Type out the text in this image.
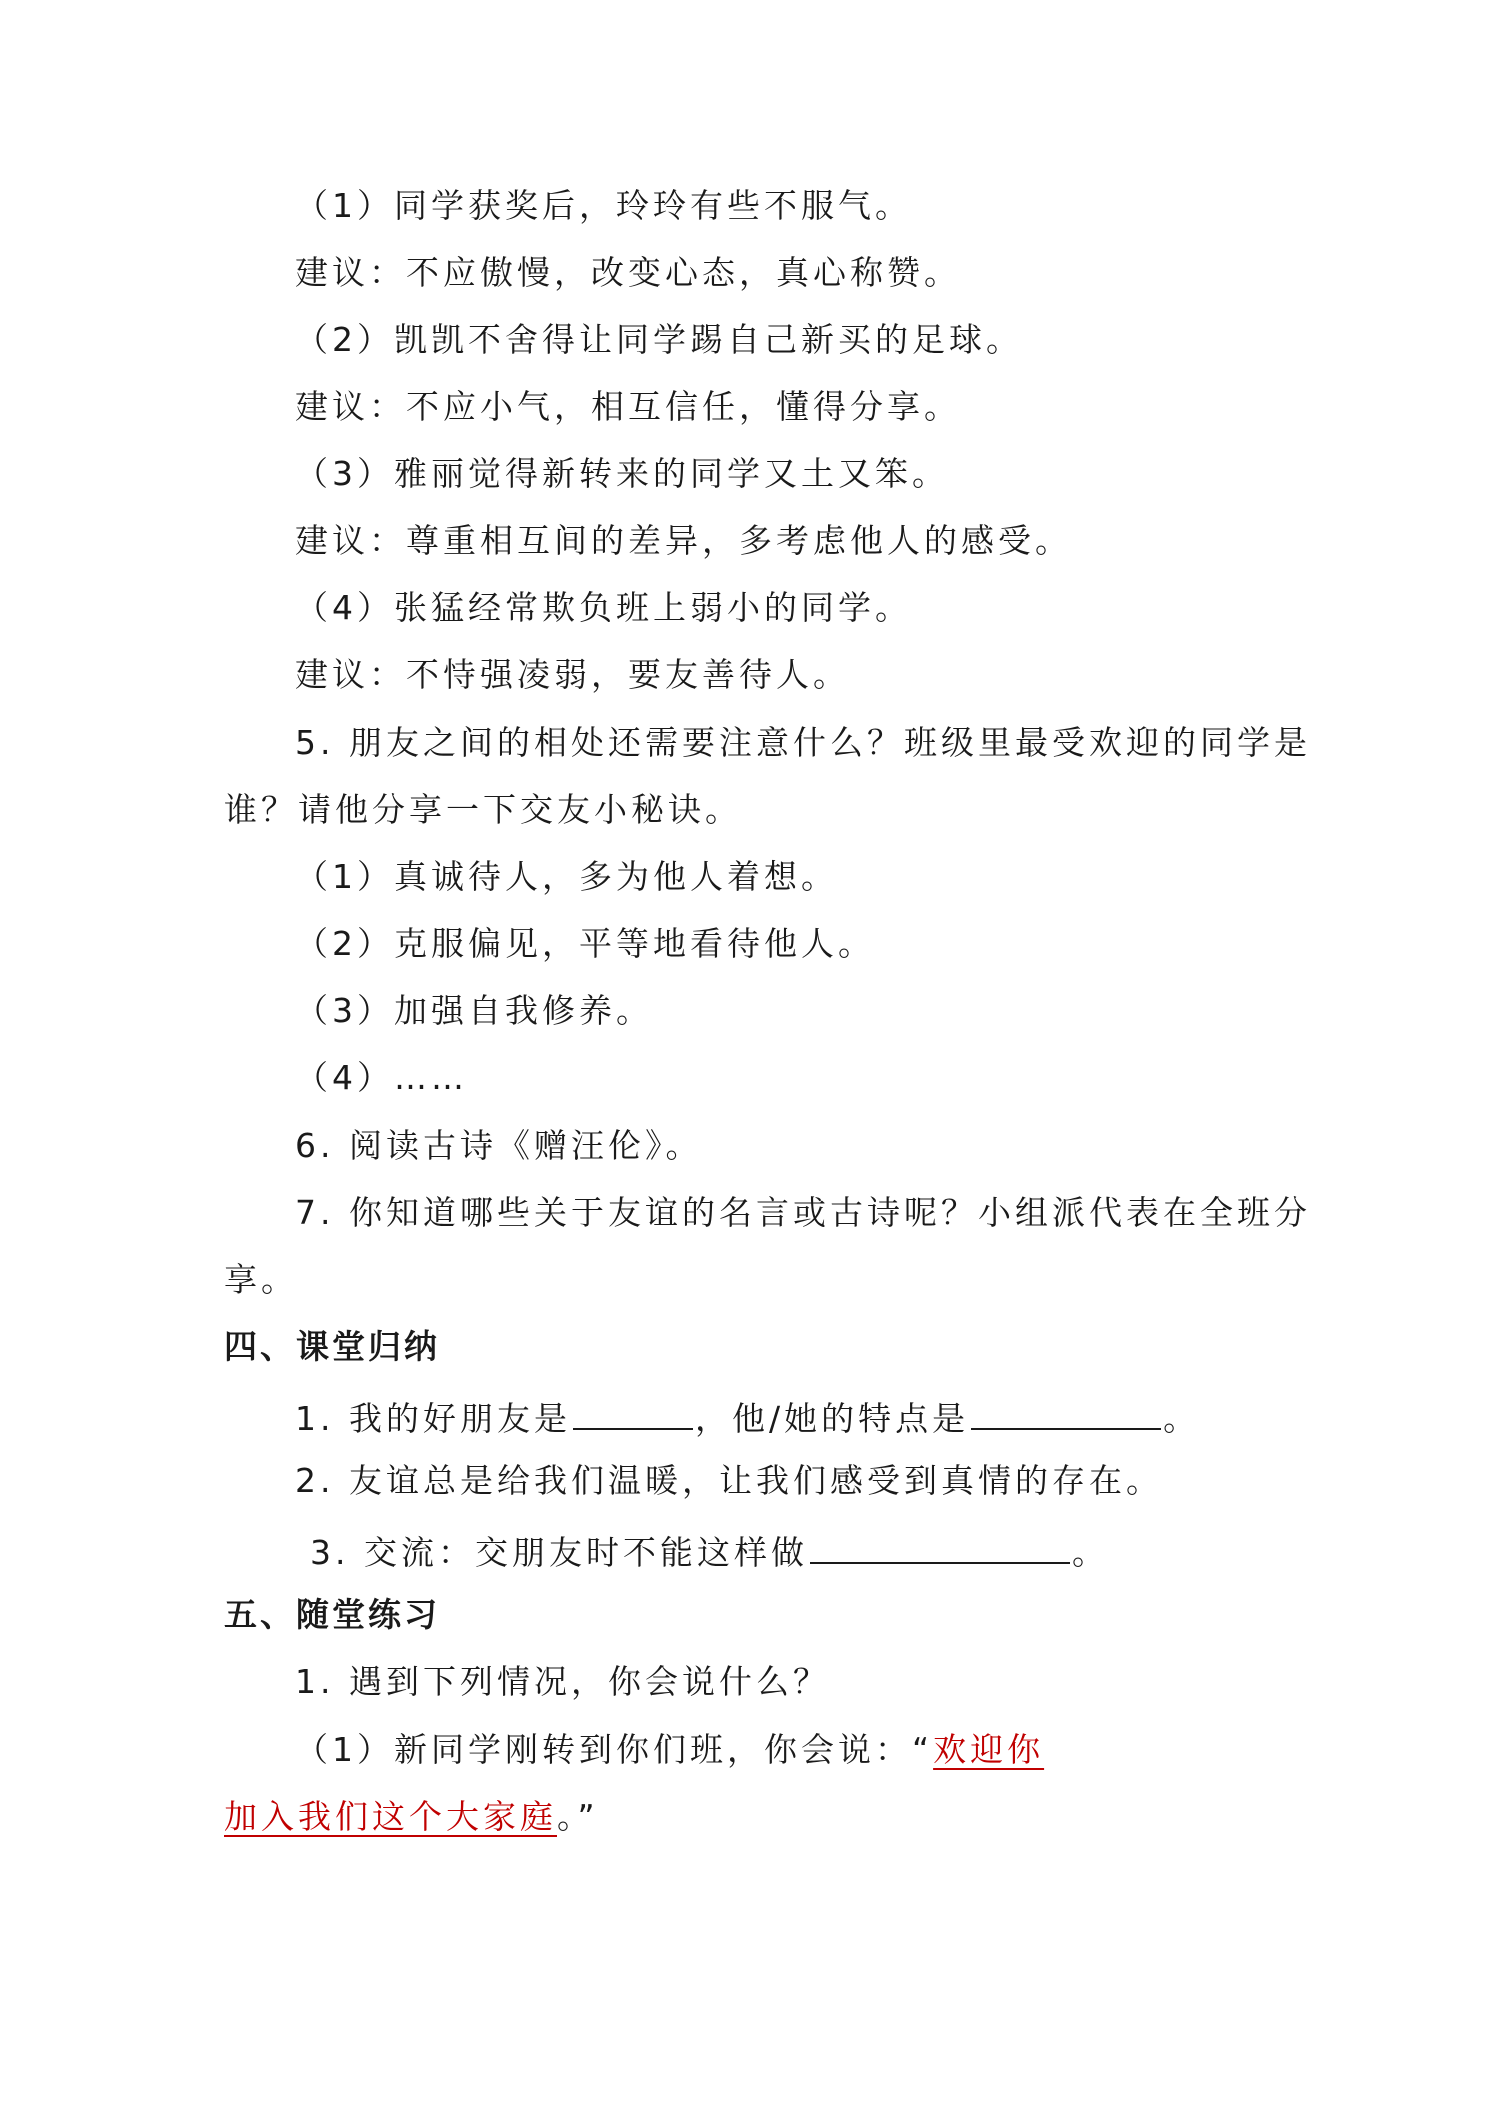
（1）同学获奖后，玲玲有些不服气。
建议：不应傲慢，改变心态，真心称赞。
（2）凯凯不舍得让同学踢自己新买的足球。
建议：不应小气，相互信任，懂得分享。
（3）雅丽觉得新转来的同学又土又笨。
建议：尊重相互间的差异，多考虑他人的感受。
（4）张猛经常欺负班上弱小的同学。
建议：不恃强凌弱，要友善待人。
5. 朋友之间的相处还需要注意什么？班级里最受欢迎的同学是
谁？请他分享一下交友小秘诀。
（1）真诚待人，多为他人着想。
（2）克服偏见，平等地看待他人。
（3）加强自我修养。
（4）……
6. 阅读古诗《赠汪伦》。
7. 你知道哪些关于友谊的名言或古诗呢？小组派代表在全班分
享。
四、课堂归纳
1. 我的好朋友是	，他/她的特点是	。
2. 友谊总是给我们温暖，让我们感受到真情的存在。
3. 交流：交朋友时不能这样做	。
五、随堂练习
1. 遇到下列情况，你会说什么？
（1）新同学刚转到你们班，你会说：“欢迎你
加入我们这个大家庭。”
